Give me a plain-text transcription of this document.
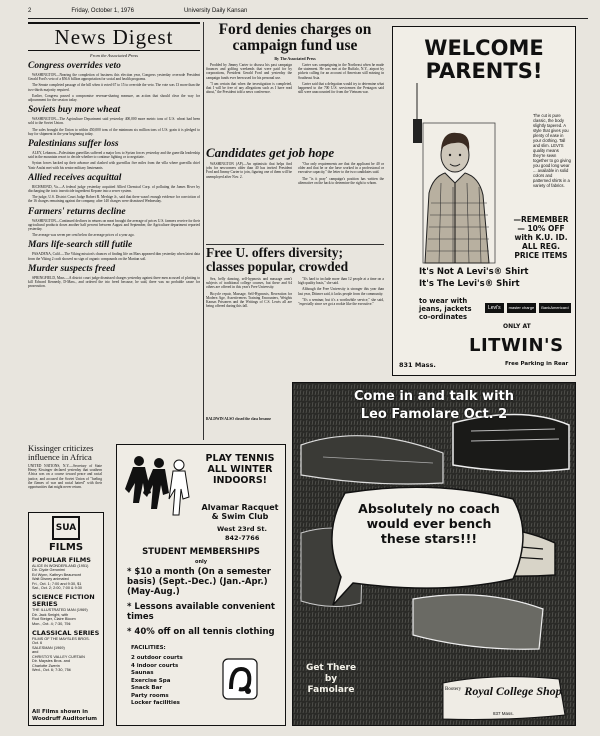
2	Friday, October 1, 1976	University Daily Kansan
News Digest
From the Associated Press
Congress overrides veto

WASHINGTON—Nearing the completion of business this election year, Congress yesterday overrode President Gerald Ford's veto of a $56.6 billion appropriation for social and health programs.

The Senate completed passage of the bill when it voted 67 to 15 to override the veto. The vote was 13 more than the two-thirds majority required.

Earlier, Congress passed a compromise revenue-sharing measure, an action that should clear the way for adjournment for the session today.

Soviets buy more wheat

WASHINGTON—The Agriculture Department said yesterday 400,000 more metric tons of U.S. wheat had been sold to the Soviet Union.

The sales brought the Union to within 450,000 tons of the minimum six million tons of U.S. grain it is pledged to buy for shipment in the year beginning today.

Palestinians suffer loss

ALEY, Lebanon—Palestinian guerrillas suffered a major loss to Syrian forces yesterday and the guerrilla leadership said in the mountain resort to decide whether to continue fighting or to negotiate.

Syrian forces backed up their advance and clashed with guerrillas five miles from the villa where guerrilla chief Yasir Arafat met with his senior military lieutenants.

Allied receives acquittal

RICHMOND, Va.—A federal judge yesterday acquitted Allied Chemical Corp. of polluting the James River by discharging the toxic insecticide ingredient Kepone into a sewer system.

The judge, U.S. District Court Judge Robert R. Merhige Jr., said that there wasn't enough evidence for conviction of the 16 charges remaining against the company, after 140 charges were dismissed Wednesday.

Farmers' returns decline

WASHINGTON—Continued declines in returns on meat brought the average of prices U.S. farmers receive for their agricultural products down another half percent between August and September, the Agriculture department reported yesterday.

The average was seven per cent below the average prices of a year ago.

Mars life-search still futile

PASADENA, Calif.—The Viking mission's chances of finding life on Mars appeared dim yesterday when latest data from the Viking 2 craft showed no sign of organic compounds on the Martian soil.

Murder suspects freed

SPRINGFIELD, Mass.—A district court judge dismissed charges yesterday against three men accused of plotting to kill Edward Kennedy, D-Mass., and ordered the trio freed because, he said, there was no probable cause for prosecution.

Ford denies charges on campaign fund use
By The Associated Press

Prodded by Jimmy Carter to discuss his past campaign finances and golfing weekends that were paid for by corporations, President Gerald Ford and yesterday the campaign funds ever been used for his personal use.

"I am certain that when the investigation is completed, that I will be free of any allegations such as I have read about," the President told a news conference.

Carter was campaigning in the Northeast when he made the statement. He was met at the Buffalo, N.Y., airport by pickets calling for an account of American still missing in Southeast Asia.

Carter said that a delegation would try to determine what happened to the 700 U.S. servicemen the Pentagon said still were unaccounted for from the Vietnam war.

Candidates get job hope

WASHINGTON (AP)—An optimistic that helps find jobs for newcomers older than 40 has invited President Ford and Jimmy Carter to join, figuring one of them will be unemployed after Nov. 2.

"Our only requirements are that the applicant be 40 or older and that he or she have worked in a professional or executive capacity," the letter to the two candidates said.

The "is it pray" campaign's position has written the alternative on the back to determine the right to whom.

Free U. offers diversity; classes popular, crowded

Sex, belly dancing, self-hypnosis and massage aren't subjects of traditional college courses, but these and 64 others are offered in this year's Free University.

Bicycle repair, Massage, Self-Hypnosis, Recreation for Modern Age, Assertiveness Training Encounters, Weights Kansas Prisoners and the Writings of C.S. Lewis all are being offered during this fall.

"It's hard to include more than 12 people at a time on a high quality basis," she said.

Although the Free University is stronger this year than last year, Dittmer said, it lacks people from the community.

"It's a seminar, but it's a worthwhile service," she said, "especially since we got a rookie like the executive."

BALDWIN ALSO closed the class because
WELCOME PARENTS!
The cut is pure classic, the body slightly tapered. A style that gives you plenty of ease in your clothing. Tall and slim. LEVI'S quality means they're sewn together to go giving you good long wear ... available in solid colors and patterned shirts in a variety of fabrics.
—REMEMBER— 10% OFF with K.U. ID. ALL REG. PRICE ITEMS
It's Not A Levi's® Shirt
It's The Levi's® Shirt
to wear with jeans, jackets co-ordinates
Levi's	master charge	BankAmericard
ONLY AT
LITWIN'S
831 Mass.	Free Parking in Rear
Kissinger criticizes influence in Africa
UNITED NATIONS, N.Y.—Secretary of State Henry Kissinger declared yesterday that southern Africa was on a course toward peace and racial justice, and accused the Soviet Union of "fueling the flames of war and racial hatred" with their opportunities that might never return.
SUA
FILMS
POPULAR FILMS
ALICE IN WONDERLAND (1951)
Dir. Clyde Geronimi
Ed Wynn, Kathryn Beaumont
Walt Disney animated
Fri., Oct. 1; 7:00 and 9:30, $1
Sat., Oct. 2; 2:00, 7:00 & 9:30
SCIENCE FICTION SERIES
THE ILLUSTRATED MAN (1969)
Dir. Jack Smight, with
Rod Steiger, Claire Bloom
Mon., Oct. 4; 7:30, 75¢
CLASSICAL SERIES
FILMS OF THE MAYSLES BROS.
Oct. 6
SALESMAN (1969)
and
CHRISTO'S VALLEY CURTAIN
Dir. Maysles Bros. and
Charlotte Zwerin
Wed., Oct. 6; 7:30, 75¢
All Films shown in Woodruff Auditorium
PLAY TENNIS ALL WINTER INDOORS!
Alvamar Racquet & Swim Club
West 23rd St.
842-7766
STUDENT MEMBERSHIPS
only
* $10 a month (On a semester basis) (Sept.-Dec.) (Jan.-Apr.) (May-Aug.)
* Lessons available convenient times
* 40% off on all tennis clothing
FACILITIES:
2 outdoor courts
4 indoor courts
Saunas
Exercise Spa
Snack Bar
Party rooms
Locker facilities
Come in and talk with
Leo Famolare Oct. 2
Absolutely no coach would ever bench these stars!!!
Get There by Famolare	Bootery Royal College Shop
837 Mass.
